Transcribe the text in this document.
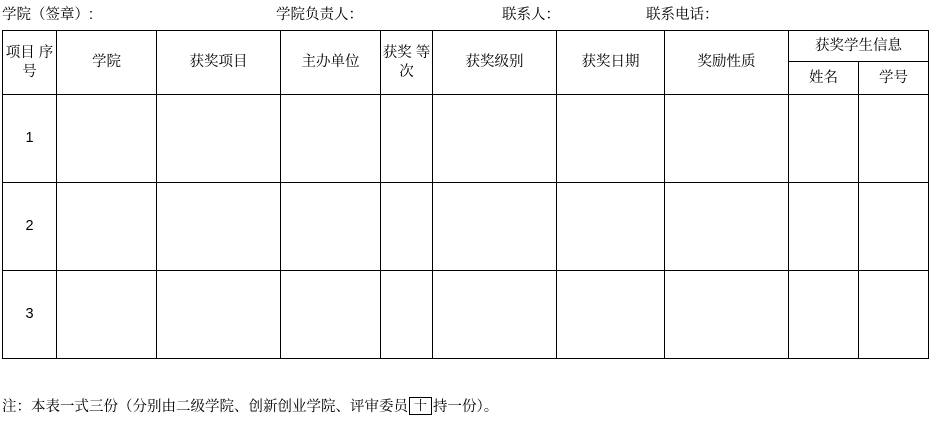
学院（签章）:	学院负责人：	联系人：	联系电话：
项目 序号	学院	获奖项目	主办单位	获奖 等次	获奖级别	获奖日期	奖励性质	获奖学生信息	
								姓名	学号
1									
2									
3									
注：本表一式三份（分别由二级学院、创新创业学院、评审委员 十 持一份）。
